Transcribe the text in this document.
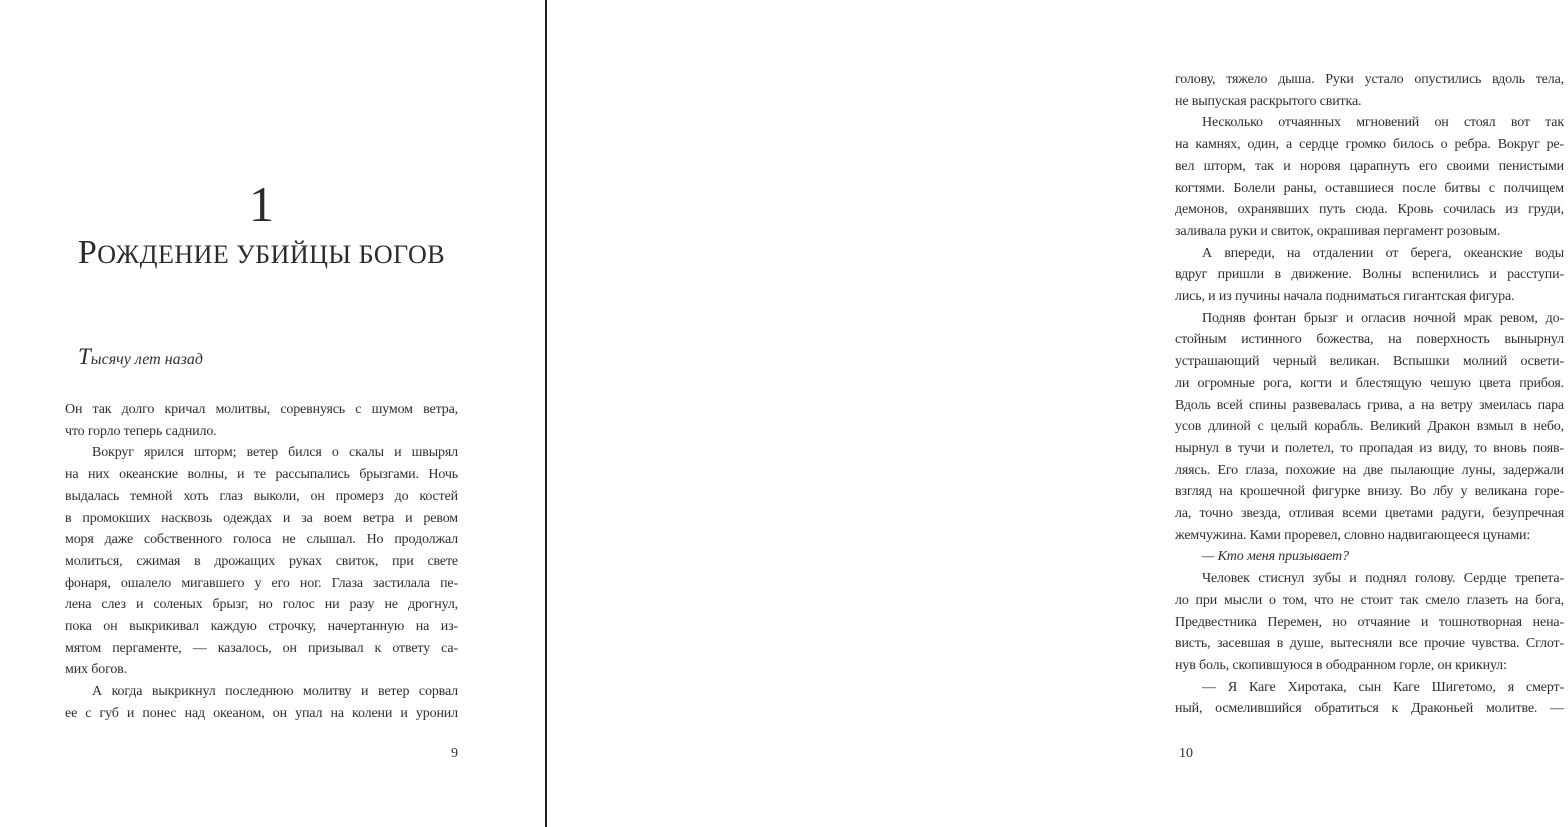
1
РОЖДЕНИЕ УБИЙЦЫ БОГОВ
Тысячу лет назад
Он так долго кричал молитвы, соревнуясь с шумом ветра,
что горло теперь саднило.
Вокруг ярился шторм; ветер бился о скалы и швырял
на них океанские волны, и те рассыпались брызгами. Ночь
выдалась темной хоть глаз выколи, он промерз до костей
в промокших насквозь одеждах и за воем ветра и ревом
моря даже собственного голоса не слышал. Но продолжал
молиться, сжимая в дрожащих руках свиток, при свете
фонаря, ошалело мигавшего у его ног. Глаза застилала пе-
лена слез и соленых брызг, но голос ни разу не дрогнул,
пока он выкрикивал каждую строчку, начертанную на из-
мятом пергаменте, — казалось, он призывал к ответу са-
мих богов.
А когда выкрикнул последнюю молитву и ветер сорвал
ее с губ и понес над океаном, он упал на колени и уронил
9
голову, тяжело дыша. Руки устало опустились вдоль тела,
не выпуская раскрытого свитка.
Несколько отчаянных мгновений он стоял вот так
на камнях, один, а сердце громко билось о ребра. Вокруг ре-
вел шторм, так и норовя царапнуть его своими пенистыми
когтями. Болели раны, оставшиеся после битвы с полчищем
демонов, охранявших путь сюда. Кровь сочилась из груди,
заливала руки и свиток, окрашивая пергамент розовым.
А впереди, на отдалении от берега, океанские воды
вдруг пришли в движение. Волны вспенились и расступи-
лись, и из пучины начала подниматься гигантская фигура.
Подняв фонтан брызг и огласив ночной мрак ревом, до-
стойным истинного божества, на поверхность вынырнул
устрашающий черный великан. Вспышки молний освети-
ли огромные рога, когти и блестящую чешую цвета прибоя.
Вдоль всей спины развевалась грива, а на ветру змеилась пара
усов длиной с целый корабль. Великий Дракон взмыл в небо,
нырнул в тучи и полетел, то пропадая из виду, то вновь появ-
ляясь. Его глаза, похожие на две пылающие луны, задержали
взгляд на крошечной фигурке внизу. Во лбу у великана горе-
ла, точно звезда, отливая всеми цветами радуги, безупречная
жемчужина. Ками проревел, словно надвигающееся цунами:
— Кто меня призывает?
Человек стиснул зубы и поднял голову. Сердце трепета-
ло при мысли о том, что не стоит так смело глазеть на бога,
Предвестника Перемен, но отчаяние и тошнотворная нена-
висть, засевшая в душе, вытесняли все прочие чувства. Сглот-
нув боль, скопившуюся в ободранном горле, он крикнул:
— Я Каге Хиротака, сын Каге Шигетомо, я смерт-
ный, осмелившийся обратиться к Драконьей молитве. —
10
